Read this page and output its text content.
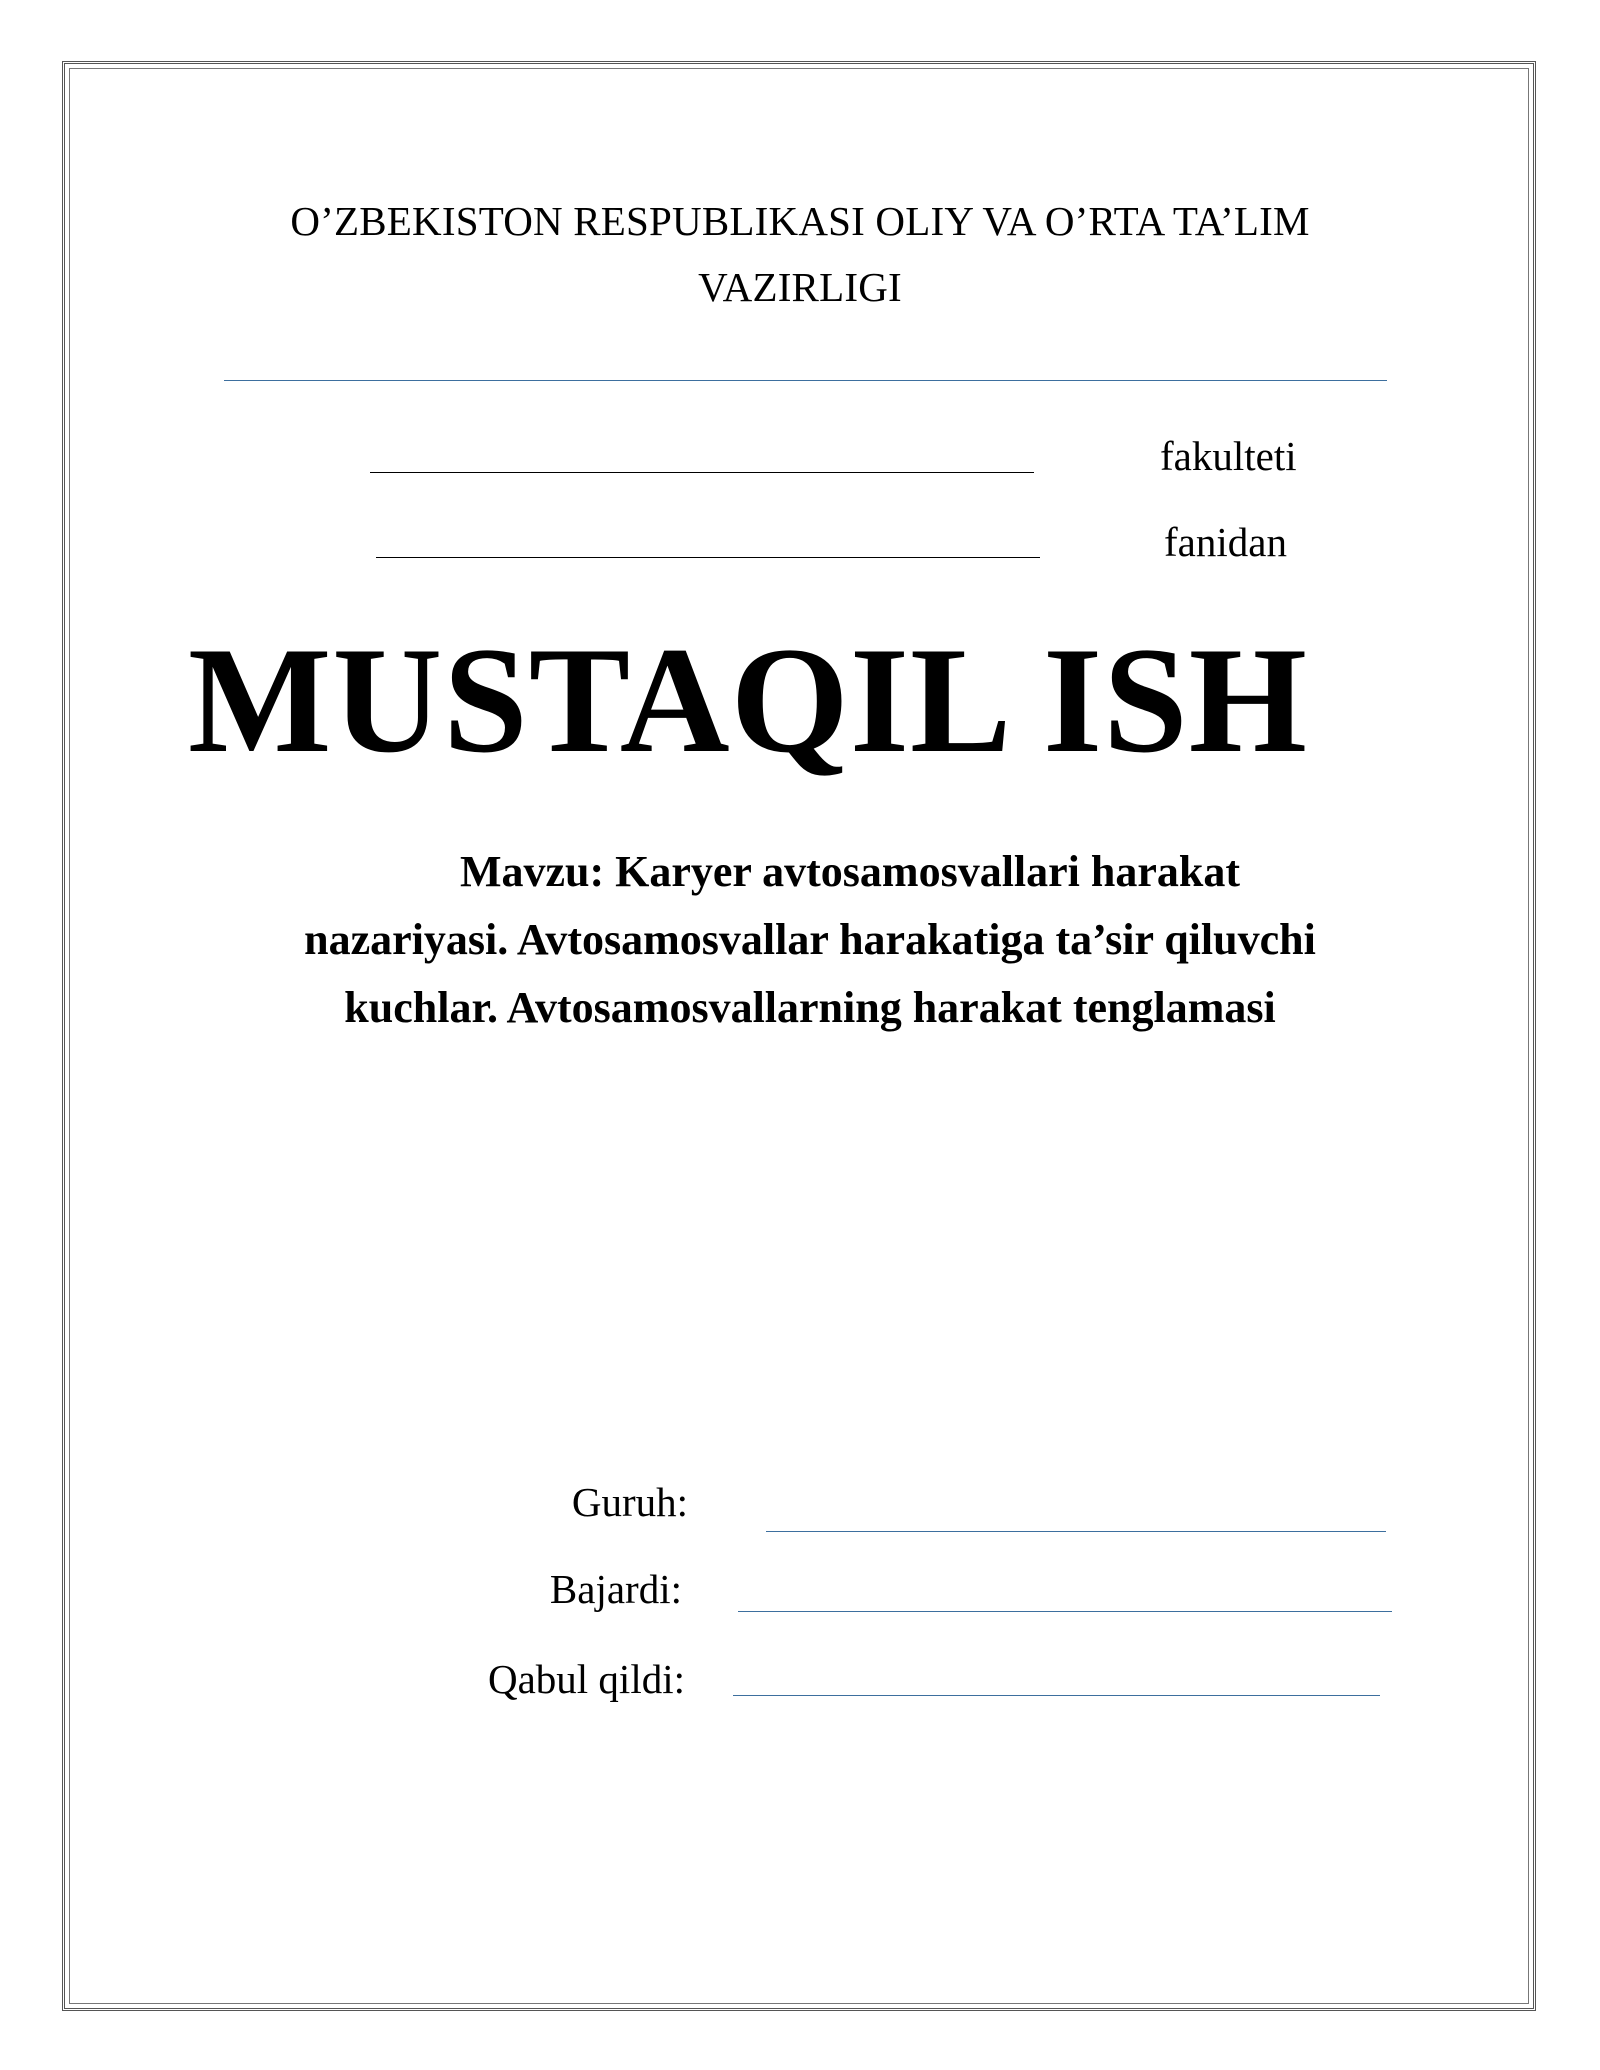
O’ZBEKISTON RESPUBLIKASI OLIY VA O’RTA TA’LIM
VAZIRLIGI
fakulteti
fanidan
MUSTAQIL ISH
Mavzu: Karyer avtosamosvallari harakat
nazariyasi. Avtosamosvallar harakatiga ta’sir qiluvchi
kuchlar. Avtosamosvallarning harakat tenglamasi
Guruh:
Bajardi:
Qabul qildi:
